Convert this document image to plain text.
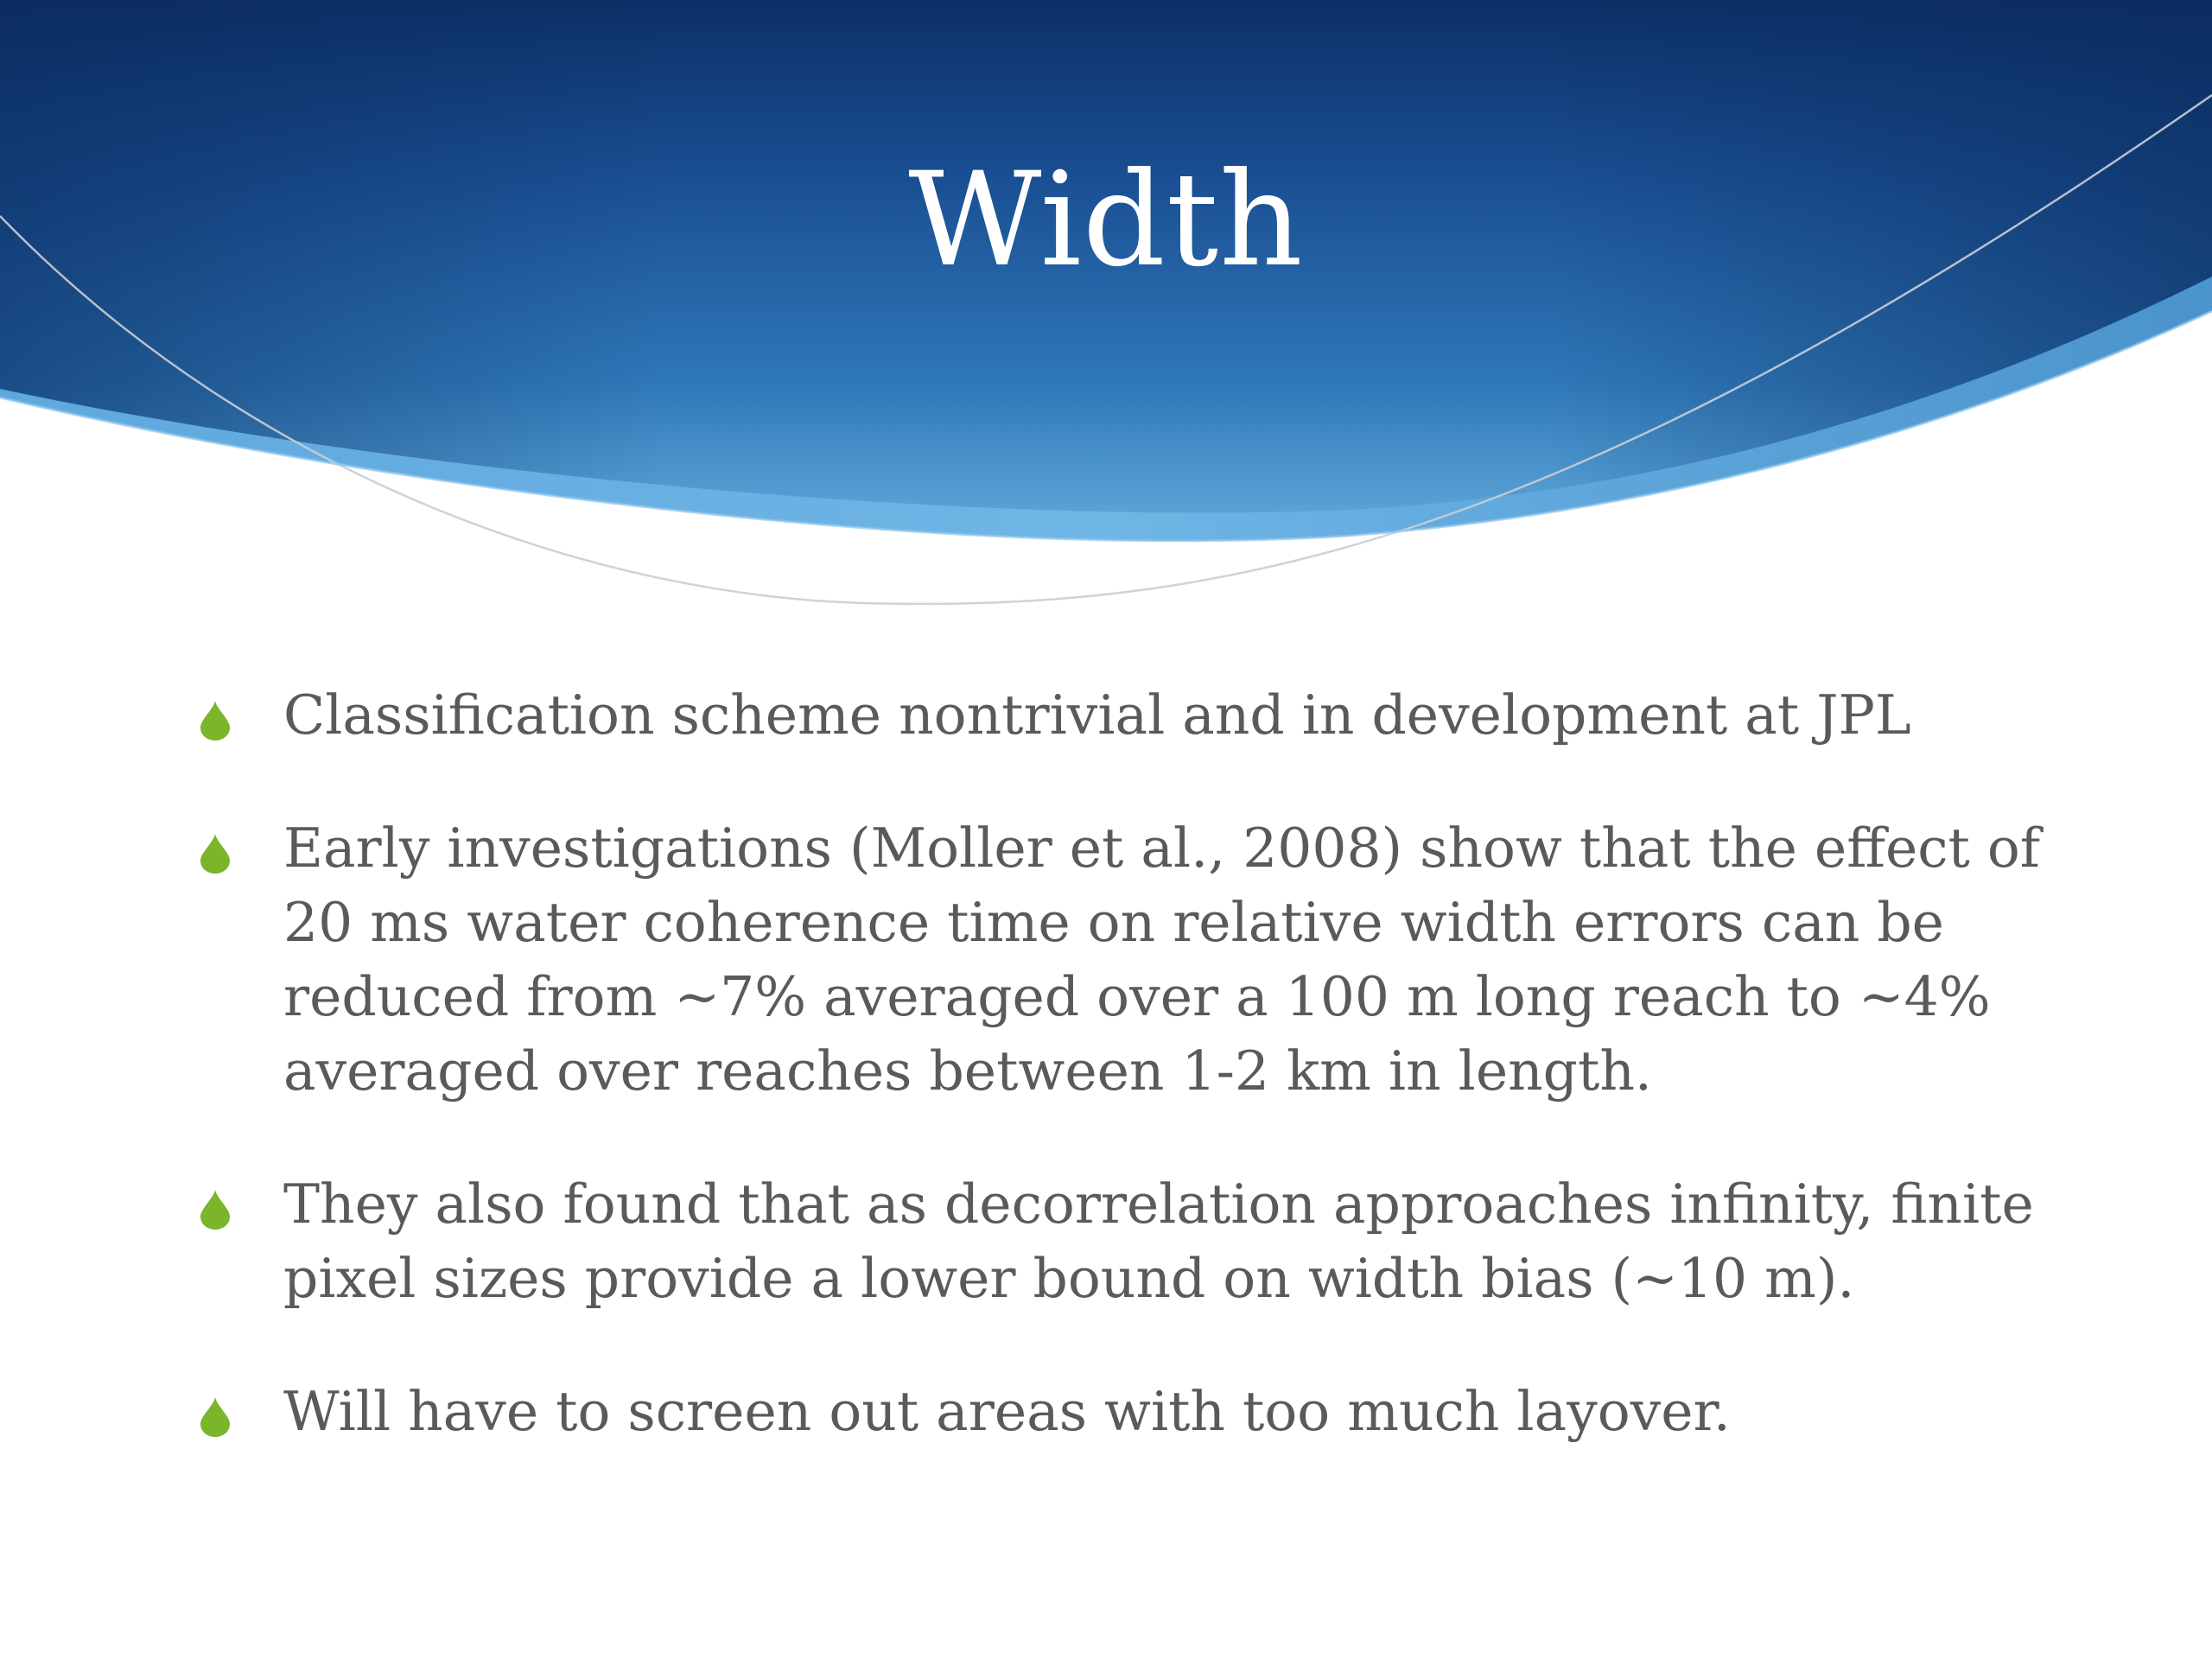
Width
Classification scheme nontrivial and in development at JPL
Early investigations (Moller et al., 2008) show that the effect of 20 ms water coherence time on relative width errors can be reduced from ~7% averaged over a 100 m long reach to ~4% averaged over reaches between 1-2 km in length.
They also found that as decorrelation approaches infinity, finite pixel sizes provide a lower bound on width bias (~10 m).
Will have to screen out areas with too much layover.
